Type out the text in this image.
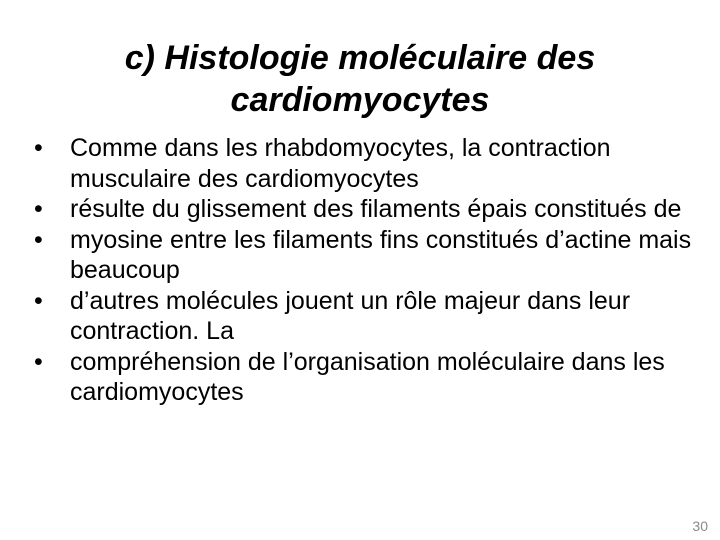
c) Histologie moléculaire des
cardiomyocytes
•	Comme dans les rhabdomyocytes, la contraction musculaire des cardiomyocytes
•	résulte du glissement des filaments épais constitués de
•	myosine entre les filaments fins constitués d’actine mais beaucoup
•	d’autres molécules jouent un rôle majeur dans leur contraction. La
•	compréhension de l’organisation moléculaire dans les cardiomyocytes
30
